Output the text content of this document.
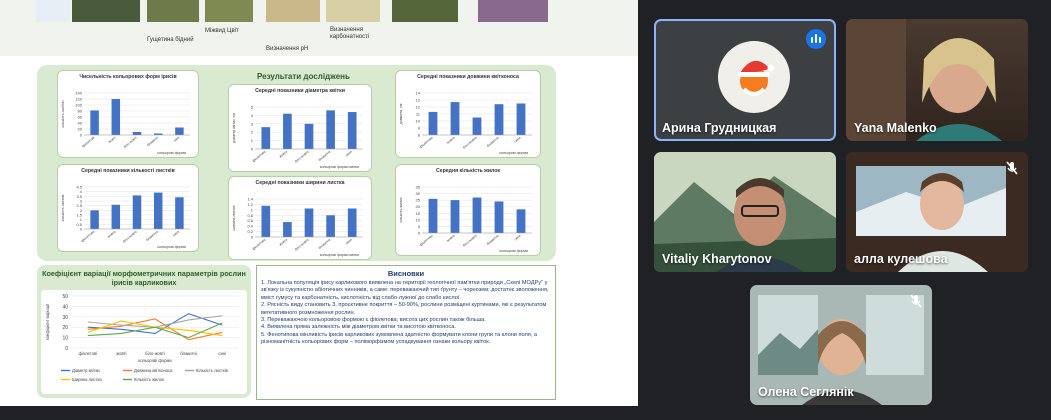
Гущетина бідний
Міжвид Цвіт
Визначення рН
Визначення карбонатності
Результати досліджень
Чисельність кольорових форм ірисів
140
120
100
80
60
40
20
0
кількість особин
фіолетові	жовті біло-жовті	блакитні	сині
кольорові форми
Середні показники діаметра квітки
5
4
3
2
1
0
діаметр квітки, см
фіолетова	жовта біло-жовта блакитна	синя
кольорові форми квітки
Середні показники довжини квітконоса
14
13
12
11
10
9
8
довжина, см
фіолетова	жовта біло-жовта блакитна	синя
кольорові форми
Середні показники кількості листків
4.5
4
3.5
3
2.5
2
1.5
1
0.5
0
кількість листків
фіолетова	жовта біло-жовта блакитна	синя
кольорові форми
Середні показники ширини листка
1.4
1.2
1
0.8
0.6
0.4
0.2
0
ширина листка
фіолетова	жовта біло-жовта блакитна	синя
кольорові форми квітки
Середня кількість жилок
35
30
25
20
15
10
5
0
кількість жилок
фіолетова	жовта біло-жовта блакитна	синя
кольорові форми
Коефіцієнт варіації морфометричних параметрів рослин ірисів карликових
50
40
30
20
10
0
коефіцієнт варіації
фіолетові	жовті	біло-жовті	блакитні	сині
кольорові форми
Діаметр квітки	Довжина квітконоса	Кількість листків
Ширина листка	Кількість жилок
Висновки
1. Локальна популяція ірису карликового виявлена на території геологічної пам'ятки природи „Скелі МОДРу" у зв'язку із сукупністю абіотичних чинників, а саме: переважаючий тип ґрунту – чорнозем; достатнє зволоження, вміст гумусу та карбонатність, кислотність від слабо-лужної до слабо кислої.
2. Рясність виду становить 3, проєктивне покриття – 50-90%, рослини розміщені куртинами, які є результатом вегетативного розмноження рослин.
3. Переважаючою кольоровою формою є фіолетова; висота цих рослин також більша.
4. Виявлена пряма залежність між діаметром квітки та висотою квітконоса.
5. Фенотипова мінливість ірисів карликових зумовлена здатністю формувати клони групи та клони поля, а різноманітність кольорових форм – поліморфізмом успадкування ознаки кольору квіток.
Арина Грудницкая	Yana Malenko
Vitaliy Kharytonov	алла кулешова
Олена Сеглянік
